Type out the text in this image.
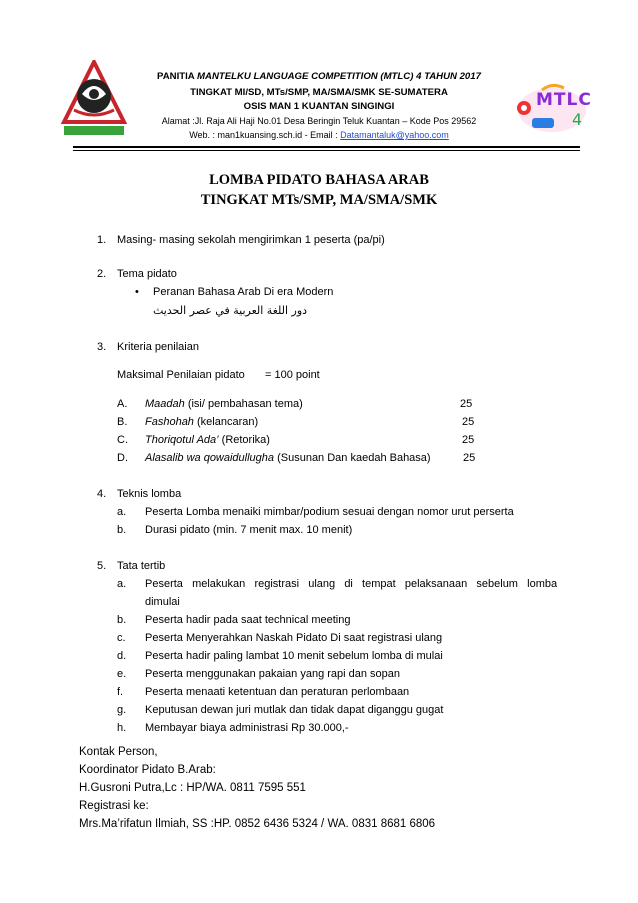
MTLC
4
PANITIA MANTELKU LANGUAGE COMPETITION (MTLC) 4 TAHUN 2017
TINGKAT MI/SD, MTs/SMP, MA/SMA/SMK SE-SUMATERA
OSIS MAN 1 KUANTAN SINGINGI
Alamat :Jl. Raja Ali Haji No.01 Desa Beringin Teluk Kuantan – Kode Pos 29562
Web. : man1kuansing.sch.id - Email : Datamantaluk@yahoo.com
LOMBA PIDATO BAHASA ARAB
TINGKAT MTs/SMP, MA/SMA/SMK
1. Masing- masing sekolah mengirimkan 1 peserta (pa/pi)
2. Tema pidato
• Peranan Bahasa Arab Di era Modern
دور اللغة العربية في عصر الحديث
3. Kriteria penilaian
Maksimal Penilaian pidato = 100 point
A. Maadah (isi/ pembahasan tema)	25
B. Fashohah (kelancaran)	25
C. Thoriqotul Ada’ (Retorika)	25
D. Alasalib wa qowaidullugha (Susunan Dan kaedah Bahasa)	25
4. Teknis lomba
a. Peserta Lomba menaiki mimbar/podium sesuai dengan nomor urut perserta
b. Durasi pidato (min. 7 menit max. 10 menit)
5. Tata tertib
a. Peserta   melakukan   registrasi   ulang   di   tempat   pelaksanaan   sebelum   lomba
dimulai
b. Peserta hadir pada saat technical meeting
c. Peserta Menyerahkan Naskah Pidato Di saat registrasi ulang
d. Peserta hadir paling lambat 10 menit sebelum lomba di mulai
e. Peserta menggunakan pakaian yang rapi dan sopan
f. Peserta menaati ketentuan dan peraturan perlombaan
g. Keputusan dewan juri mutlak dan tidak dapat diganggu gugat
h. Membayar biaya administrasi Rp 30.000,-
Kontak Person,
Koordinator Pidato B.Arab:
H.Gusroni Putra,Lc : HP/WA. 0811 7595 551
Registrasi ke:
Mrs.Ma’rifatun Ilmiah, SS :HP. 0852 6436 5324 / WA. 0831 8681 6806
